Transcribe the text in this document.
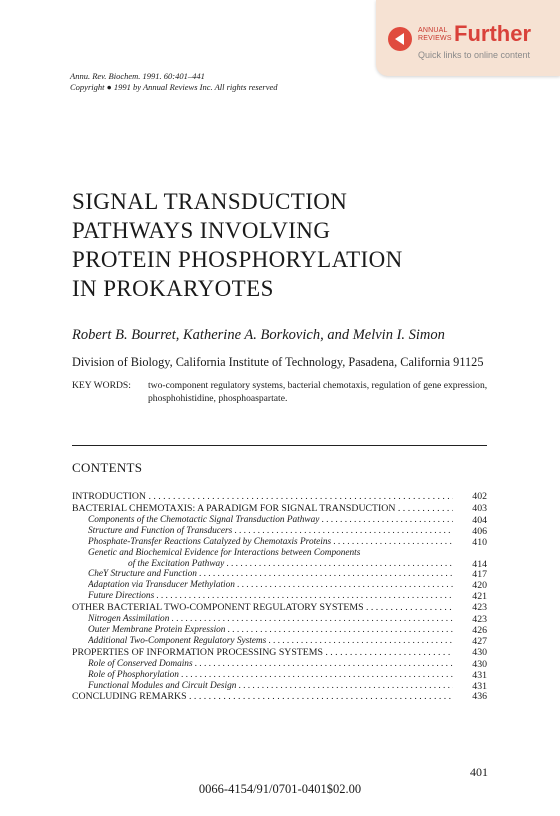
ANNUAL
REVIEWS Further
Quick links to online content
Annu. Rev. Biochem. 1991. 60:401–441
Copyright ● 1991 by Annual Reviews Inc. All rights reserved
SIGNAL TRANSDUCTION
PATHWAYS INVOLVING
PROTEIN PHOSPHORYLATION
IN PROKARYOTES
Robert B. Bourret, Katherine A. Borkovich, and Melvin I. Simon
Division of Biology, California Institute of Technology, Pasadena, California 91125
KEY WORDS: two-component regulatory systems, bacterial chemotaxis, regulation of gene expression, phosphohistidine, phosphoaspartate.
CONTENTS
INTRODUCTION . . .	402
BACTERIAL CHEMOTAXIS: A PARADIGM FOR SIGNAL TRANSDUCTION . . .	403
Components of the Chemotactic Signal Transduction Pathway . . .	404
Structure and Function of Transducers . . .	406
Phosphate-Transfer Reactions Catalyzed by Chemotaxis Proteins . . .	410
Genetic and Biochemical Evidence for Interactions between Components
of the Excitation Pathway . . .	414
CheY Structure and Function . . .	417
Adaptation via Transducer Methylation . . .	420
Future Directions . . .	421
OTHER BACTERIAL TWO-COMPONENT REGULATORY SYSTEMS . . .	423
Nitrogen Assimilation . . .	423
Outer Membrane Protein Expression . . .	426
Additional Two-Component Regulatory Systems . . .	427
PROPERTIES OF INFORMATION PROCESSING SYSTEMS . . .	430
Role of Conserved Domains . . .	430
Role of Phosphorylation . . .	431
Functional Modules and Circuit Design . . .	431
CONCLUDING REMARKS . . .	436
401
0066-4154/91/0701-0401$02.00
